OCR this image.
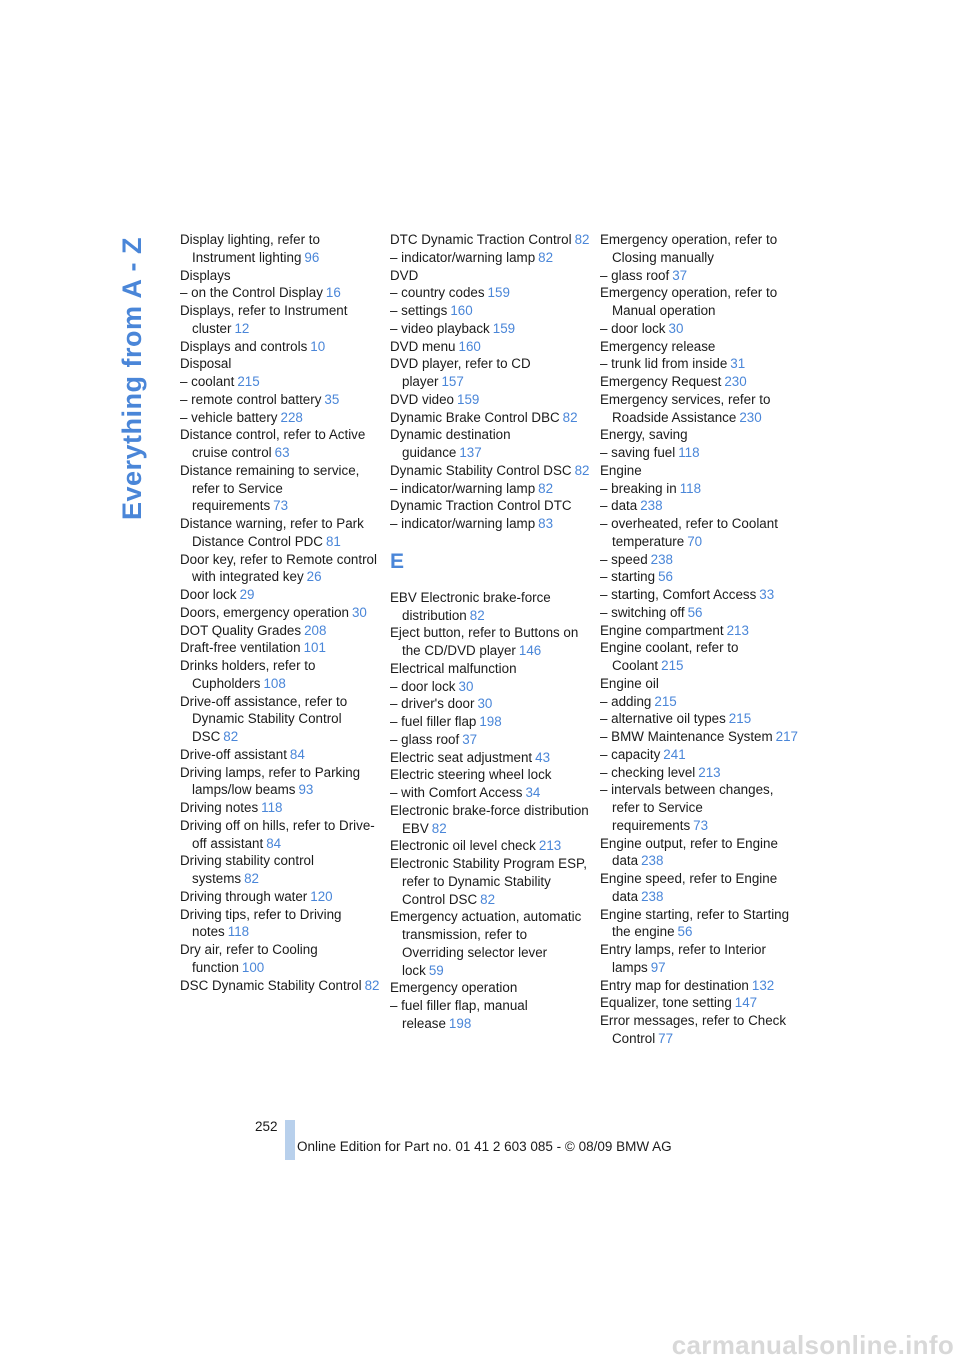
Everything from A - Z Display lighting, refer to Instrument lighting 96

Displays

– on the Control Display 16

Displays, refer to Instrument cluster 12

Displays and controls 10

Disposal

– coolant 215

– remote control battery 35

– vehicle battery 228

Distance control, refer to Active cruise control 63

Distance remaining to service, refer to Service requirements 73

Distance warning, refer to Park Distance Control PDC 81

Door key, refer to Remote control with integrated key 26

Door lock 29

Doors, emergency operation 30

DOT Quality Grades 208

Draft-free ventilation 101

Drinks holders, refer to Cupholders 108

Drive-off assistance, refer to Dynamic Stability Control DSC 82

Drive-off assistant 84

Driving lamps, refer to Parking lamps/low beams 93

Driving notes 118

Driving off on hills, refer to Drive-off assistant 84

Driving stability control systems 82

Driving through water 120

Driving tips, refer to Driving notes 118

Dry air, refer to Cooling function 100

DSC Dynamic Stability Control 82

DTC Dynamic Traction Control 82

– indicator/warning lamp 82

DVD

– country codes 159

– settings 160

– video playback 159

DVD menu 160

DVD player, refer to CD player 157

DVD video 159

Dynamic Brake Control DBC 82

Dynamic destination guidance 137

Dynamic Stability Control DSC 82

– indicator/warning lamp 82

Dynamic Traction Control DTC

– indicator/warning lamp 83

E

EBV Electronic brake-force distribution 82

Eject button, refer to Buttons on the CD/DVD player 146

Electrical malfunction

– door lock 30

– driver's door 30

– fuel filler flap 198

– glass roof 37

Electric seat adjustment 43

Electric steering wheel lock

– with Comfort Access 34

Electronic brake-force distribution EBV 82

Electronic oil level check 213

Electronic Stability Program ESP, refer to Dynamic Stability Control DSC 82

Emergency actuation, automatic transmission, refer to Overriding selector lever lock 59

Emergency operation

– fuel filler flap, manual release 198

Emergency operation, refer to Closing manually

– glass roof 37

Emergency operation, refer to Manual operation

– door lock 30

Emergency release

– trunk lid from inside 31

Emergency Request 230

Emergency services, refer to Roadside Assistance 230

Energy, saving

– saving fuel 118

Engine

– breaking in 118

– data 238

– overheated, refer to Coolant temperature 70

– speed 238

– starting 56

– starting, Comfort Access 33

– switching off 56

Engine compartment 213

Engine coolant, refer to Coolant 215

Engine oil

– adding 215

– alternative oil types 215

– BMW Maintenance System 217

– capacity 241

– checking level 213

– intervals between changes, refer to Service requirements 73

Engine output, refer to Engine data 238

Engine speed, refer to Engine data 238

Engine starting, refer to Starting the engine 56

Entry lamps, refer to Interior lamps 97

Entry map for destination 132

Equalizer, tone setting 147

Error messages, refer to Check Control 77

252
Online Edition for Part no. 01 41 2 603 085 - © 08/09 BMW AG
carmanualsonline.info
